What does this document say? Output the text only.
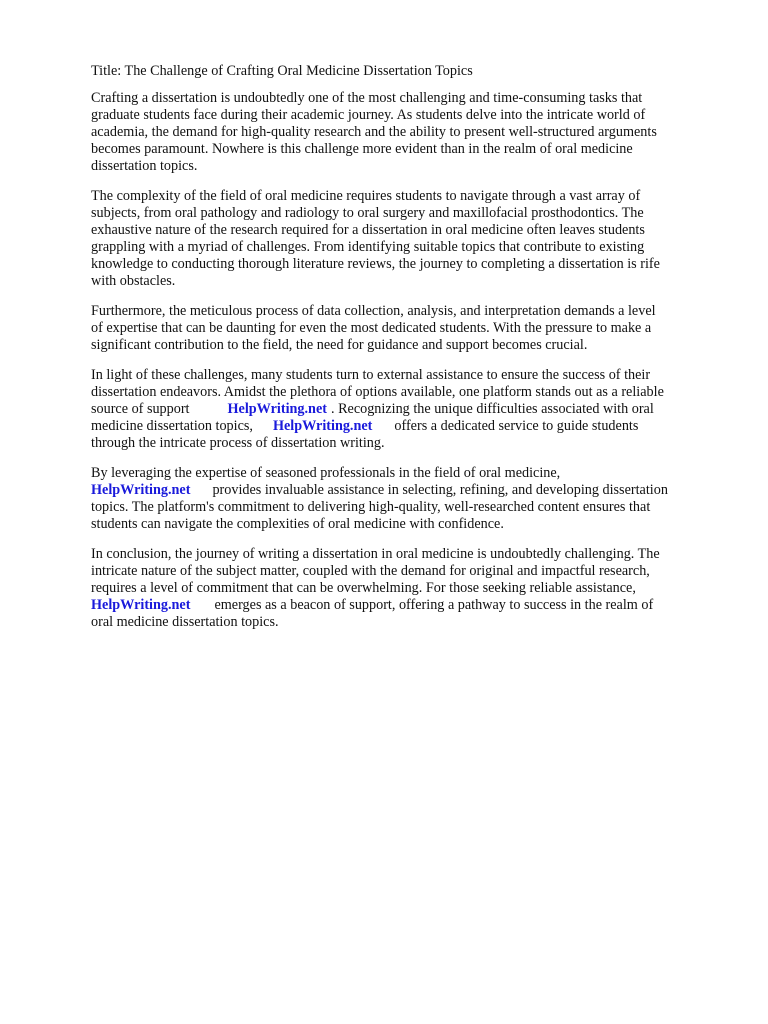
Title: The Challenge of Crafting Oral Medicine Dissertation Topics

Crafting a dissertation is undoubtedly one of the most challenging and time-consuming tasks that
graduate students face during their academic journey. As students delve into the intricate world of
academia, the demand for high-quality research and the ability to present well-structured arguments
becomes paramount. Nowhere is this challenge more evident than in the realm of oral medicine
dissertation topics.

The complexity of the field of oral medicine requires students to navigate through a vast array of
subjects, from oral pathology and radiology to oral surgery and maxillofacial prosthodontics. The
exhaustive nature of the research required for a dissertation in oral medicine often leaves students
grappling with a myriad of challenges. From identifying suitable topics that contribute to existing
knowledge to conducting thorough literature reviews, the journey to completing a dissertation is rife
with obstacles.

Furthermore, the meticulous process of data collection, analysis, and interpretation demands a level
of expertise that can be daunting for even the most dedicated students. With the pressure to make a
significant contribution to the field, the need for guidance and support becomes crucial.

In light of these challenges, many students turn to external assistance to ensure the success of their
dissertation endeavors. Amidst the plethora of options available, one platform stands out as a reliable
source of support	HelpWriting.net . Recognizing the unique difficulties associated with oral
medicine dissertation topics, HelpWriting.net offers a dedicated service to guide students
through the intricate process of dissertation writing.

By leveraging the expertise of seasoned professionals in the field of oral medicine,
HelpWriting.net provides invaluable assistance in selecting, refining, and developing dissertation
topics. The platform's commitment to delivering high-quality, well-researched content ensures that
students can navigate the complexities of oral medicine with confidence.

In conclusion, the journey of writing a dissertation in oral medicine is undoubtedly challenging. The
intricate nature of the subject matter, coupled with the demand for original and impactful research,
requires a level of commitment that can be overwhelming. For those seeking reliable assistance,
HelpWriting.net emerges as a beacon of support, offering a pathway to success in the realm of
oral medicine dissertation topics.
